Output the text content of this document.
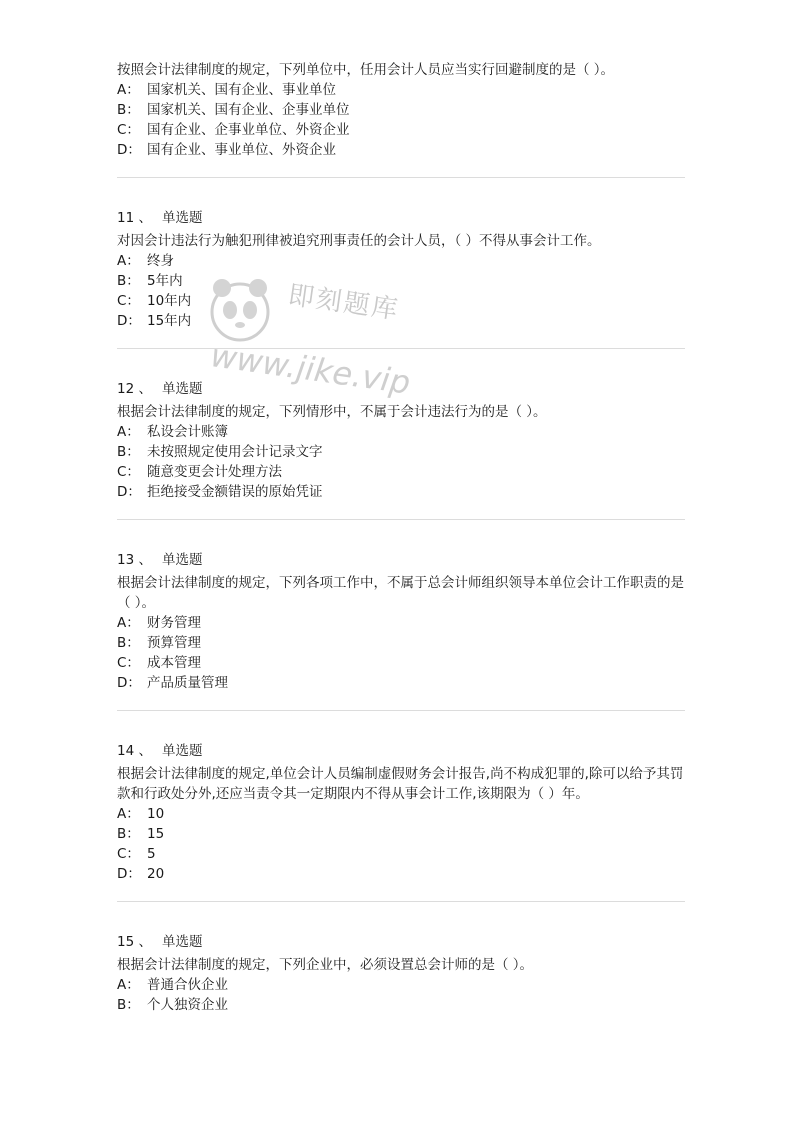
按照会计法律制度的规定，下列单位中，任用会计人员应当实行回避制度的是（ ）。
A： 国家机关、国有企业、事业单位
B： 国家机关、国有企业、企事业单位
C： 国有企业、企事业单位、外资企业
D： 国有企业、事业单位、外资企业
11 、 单选题
对因会计违法行为触犯刑律被追究刑事责任的会计人员，（ ）不得从事会计工作。
A： 终身
B： 5年内
C： 10年内
D： 15年内
12 、 单选题
根据会计法律制度的规定，下列情形中，不属于会计违法行为的是（ ）。
A： 私设会计账簿
B： 未按照规定使用会计记录文字
C： 随意变更会计处理方法
D： 拒绝接受金额错误的原始凭证
13 、 单选题
根据会计法律制度的规定，下列各项工作中，不属于总会计师组织领导本单位会计工作职责的是（ ）。
A： 财务管理
B： 预算管理
C： 成本管理
D： 产品质量管理
14 、 单选题
根据会计法律制度的规定,单位会计人员编制虚假财务会计报告,尚不构成犯罪的,除可以给予其罚款和行政处分外,还应当责令其一定期限内不得从事会计工作,该期限为（ ）年。
A： 10
B： 15
C： 5
D： 20
15 、 单选题
根据会计法律制度的规定，下列企业中，必须设置总会计师的是（ ）。
A： 普通合伙企业
B： 个人独资企业
即刻题库
www.jike.vip
